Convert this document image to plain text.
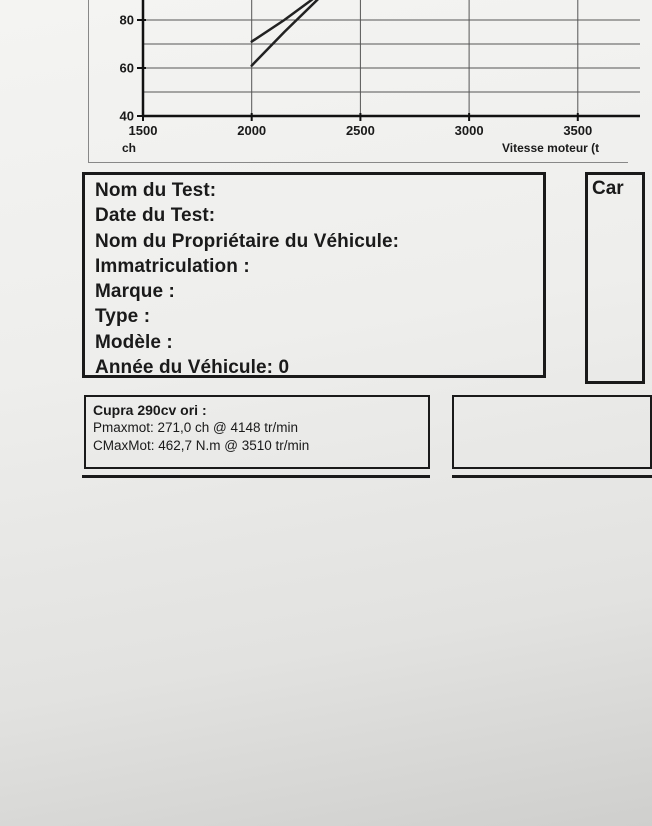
40
60
80
1500	2000	2500	3000	3500
Vitesse moteur (t
ch
Nom du Test:
Date du Test:
Nom du Propriétaire du Véhicule:
Immatriculation :
Marque :
Type :
Modèle :
Année du Véhicule: 0
Car
Cupra 290cv ori :
Pmaxmot: 271,0 ch @ 4148 tr/min
CMaxMot: 462,7 N.m @ 3510 tr/min
